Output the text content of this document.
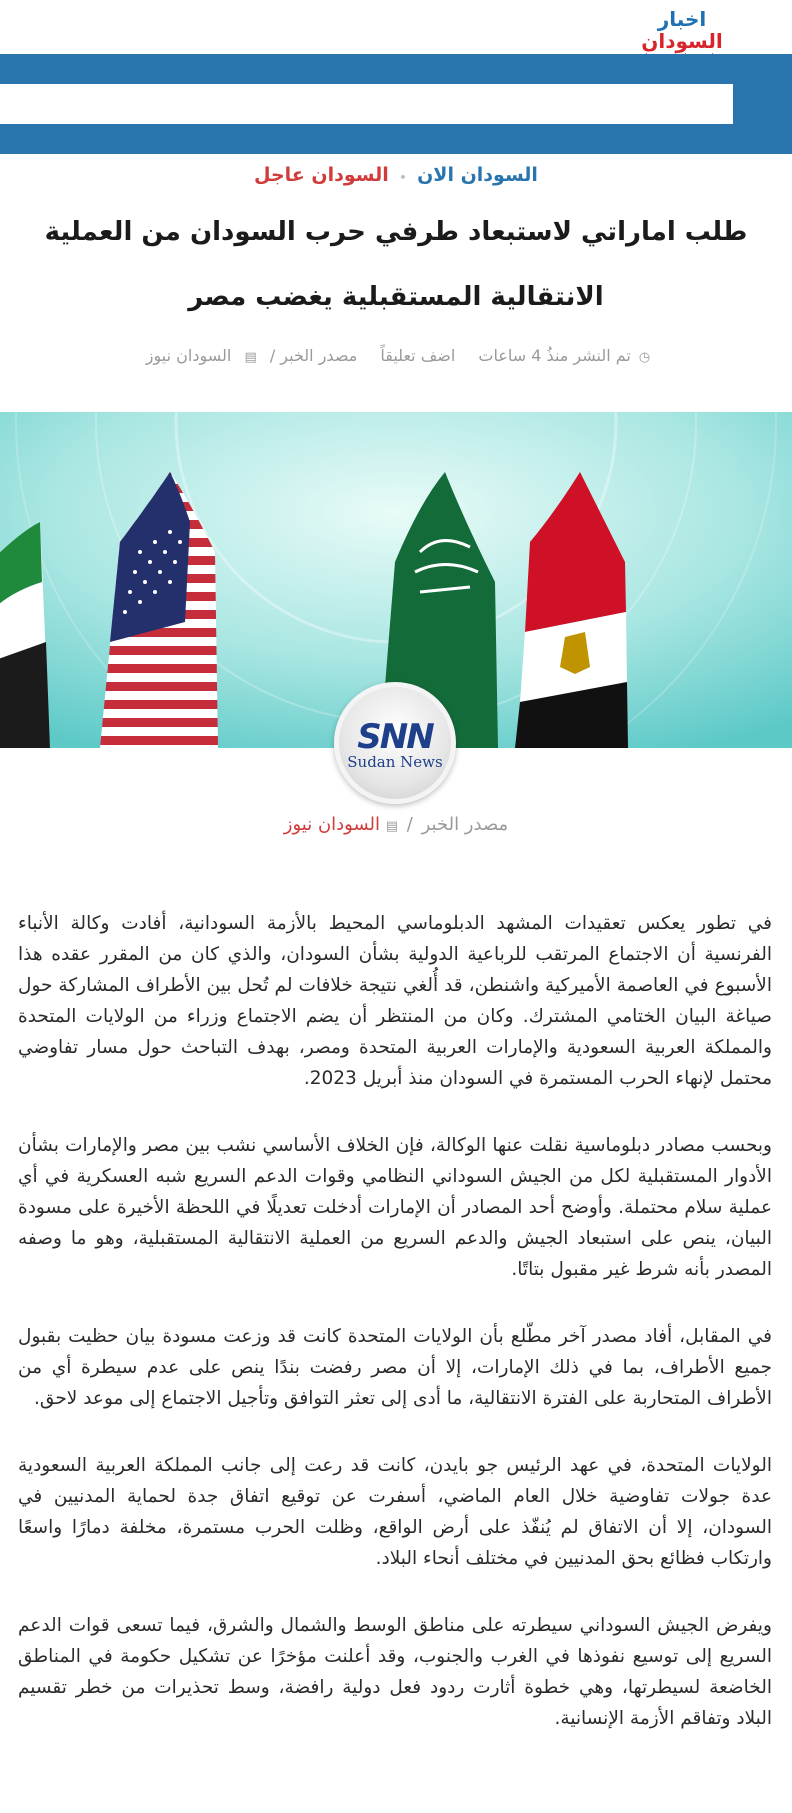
اخبار السودان
السودان الان • السودان عاجل
طلب اماراتي لاستبعاد طرفي حرب السودان من العملية الانتقالية المستقبلية يغضب مصر
◷تم النشر منذُ 4 ساعات اضف تعليقاً مصدر الخبر / ▤ السودان نيوز
SNN
Sudan News
مصدر الخبر / ▤ السودان نيوز

في تطور يعكس تعقيدات المشهد الدبلوماسي المحيط بالأزمة السودانية، أفادت وكالة الأنباء الفرنسية أن الاجتماع المرتقب للرباعية الدولية بشأن السودان، والذي كان من المقرر عقده هذا الأسبوع في العاصمة الأميركية واشنطن، قد أُلغي نتيجة خلافات لم تُحل بين الأطراف المشاركة حول صياغة البيان الختامي المشترك. وكان من المنتظر أن يضم الاجتماع وزراء من الولايات المتحدة والمملكة العربية السعودية والإمارات العربية المتحدة ومصر، بهدف التباحث حول مسار تفاوضي محتمل لإنهاء الحرب المستمرة في السودان منذ أبريل 2023.

وبحسب مصادر دبلوماسية نقلت عنها الوكالة، فإن الخلاف الأساسي نشب بين مصر والإمارات بشأن الأدوار المستقبلية لكل من الجيش السوداني النظامي وقوات الدعم السريع شبه العسكرية في أي عملية سلام محتملة. وأوضح أحد المصادر أن الإمارات أدخلت تعديلًا في اللحظة الأخيرة على مسودة البيان، ينص على استبعاد الجيش والدعم السريع من العملية الانتقالية المستقبلية، وهو ما وصفه المصدر بأنه شرط غير مقبول بتاتًا.

في المقابل، أفاد مصدر آخر مطّلع بأن الولايات المتحدة كانت قد وزعت مسودة بيان حظيت بقبول جميع الأطراف، بما في ذلك الإمارات، إلا أن مصر رفضت بندًا ينص على عدم سيطرة أي من الأطراف المتحاربة على الفترة الانتقالية، ما أدى إلى تعثر التوافق وتأجيل الاجتماع إلى موعد لاحق.

الولايات المتحدة، في عهد الرئيس جو بايدن، كانت قد رعت إلى جانب المملكة العربية السعودية عدة جولات تفاوضية خلال العام الماضي، أسفرت عن توقيع اتفاق جدة لحماية المدنيين في السودان، إلا أن الاتفاق لم يُنفّذ على أرض الواقع، وظلت الحرب مستمرة، مخلفة دمارًا واسعًا وارتكاب فظائع بحق المدنيين في مختلف أنحاء البلاد.

ويفرض الجيش السوداني سيطرته على مناطق الوسط والشمال والشرق، فيما تسعى قوات الدعم السريع إلى توسيع نفوذها في الغرب والجنوب، وقد أعلنت مؤخرًا عن تشكيل حكومة في المناطق الخاضعة لسيطرتها، وهي خطوة أثارت ردود فعل دولية رافضة، وسط تحذيرات من خطر تقسيم البلاد وتفاقم الأزمة الإنسانية.
